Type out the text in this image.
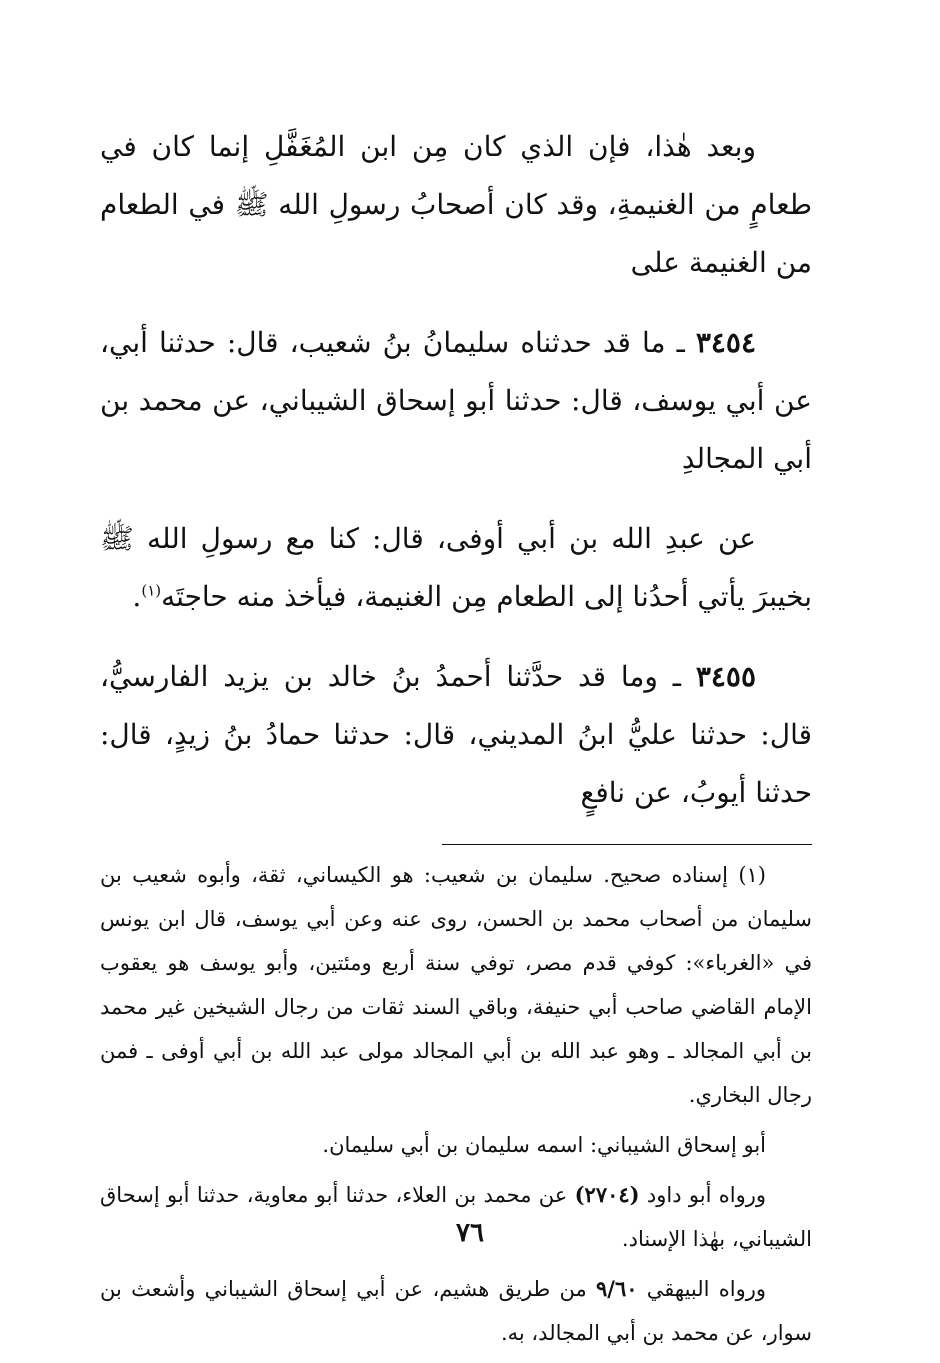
وبعد هٰذا، فإن الذي كان مِن ابن المُغَفَّلِ إنما كان في طعامٍ من الغنيمةِ، وقد كان أصحابُ رسولِ الله ﷺ في الطعام من الغنيمة على

٣٤٥٤ ـ ما قد حدثناه سليمانُ بنُ شعيب، قال: حدثنا أبي، عن أبي يوسف، قال: حدثنا أبو إسحاق الشيباني، عن محمد بن أبي المجالدِ

عن عبدِ الله بن أبي أوفى، قال: كنا مع رسولِ الله ﷺ بخيبرَ يأتي أحدُنا إلى الطعام مِن الغنيمة، فيأخذ منه حاجتَه$^{(١)}$.

٣٤٥٥ ـ وما قد حدَّثنا أحمدُ بنُ خالد بن يزيد الفارسيُّ، قال: حدثنا عليُّ ابنُ المديني، قال: حدثنا حمادُ بنُ زيدٍ، قال: حدثنا أيوبُ، عن نافعٍ

(١) إسناده صحيح. سليمان بن شعيب: هو الكيساني، ثقة، وأبوه شعيب بن سليمان من أصحاب محمد بن الحسن، روى عنه وعن أبي يوسف، قال ابن يونس في «الغرباء»: كوفي قدم مصر، توفي سنة أربع ومئتين، وأبو يوسف هو يعقوب الإمام القاضي صاحب أبي حنيفة، وباقي السند ثقات من رجال الشيخين غير محمد بن أبي المجالد ـ وهو عبد الله بن أبي المجالد مولى عبد الله بن أبي أوفى ـ فمن رجال البخاري.

أبو إسحاق الشيباني: اسمه سليمان بن أبي سليمان.

ورواه أبو داود (٢٧٠٤) عن محمد بن العلاء، حدثنا أبو معاوية، حدثنا أبو إسحاق الشيباني، بهٰذا الإسناد.

ورواه البيهقي ٩/٦٠ من طريق هشيم، عن أبي إسحاق الشيباني وأشعث بن سوار، عن محمد بن أبي المجالد، به.

٧٦
